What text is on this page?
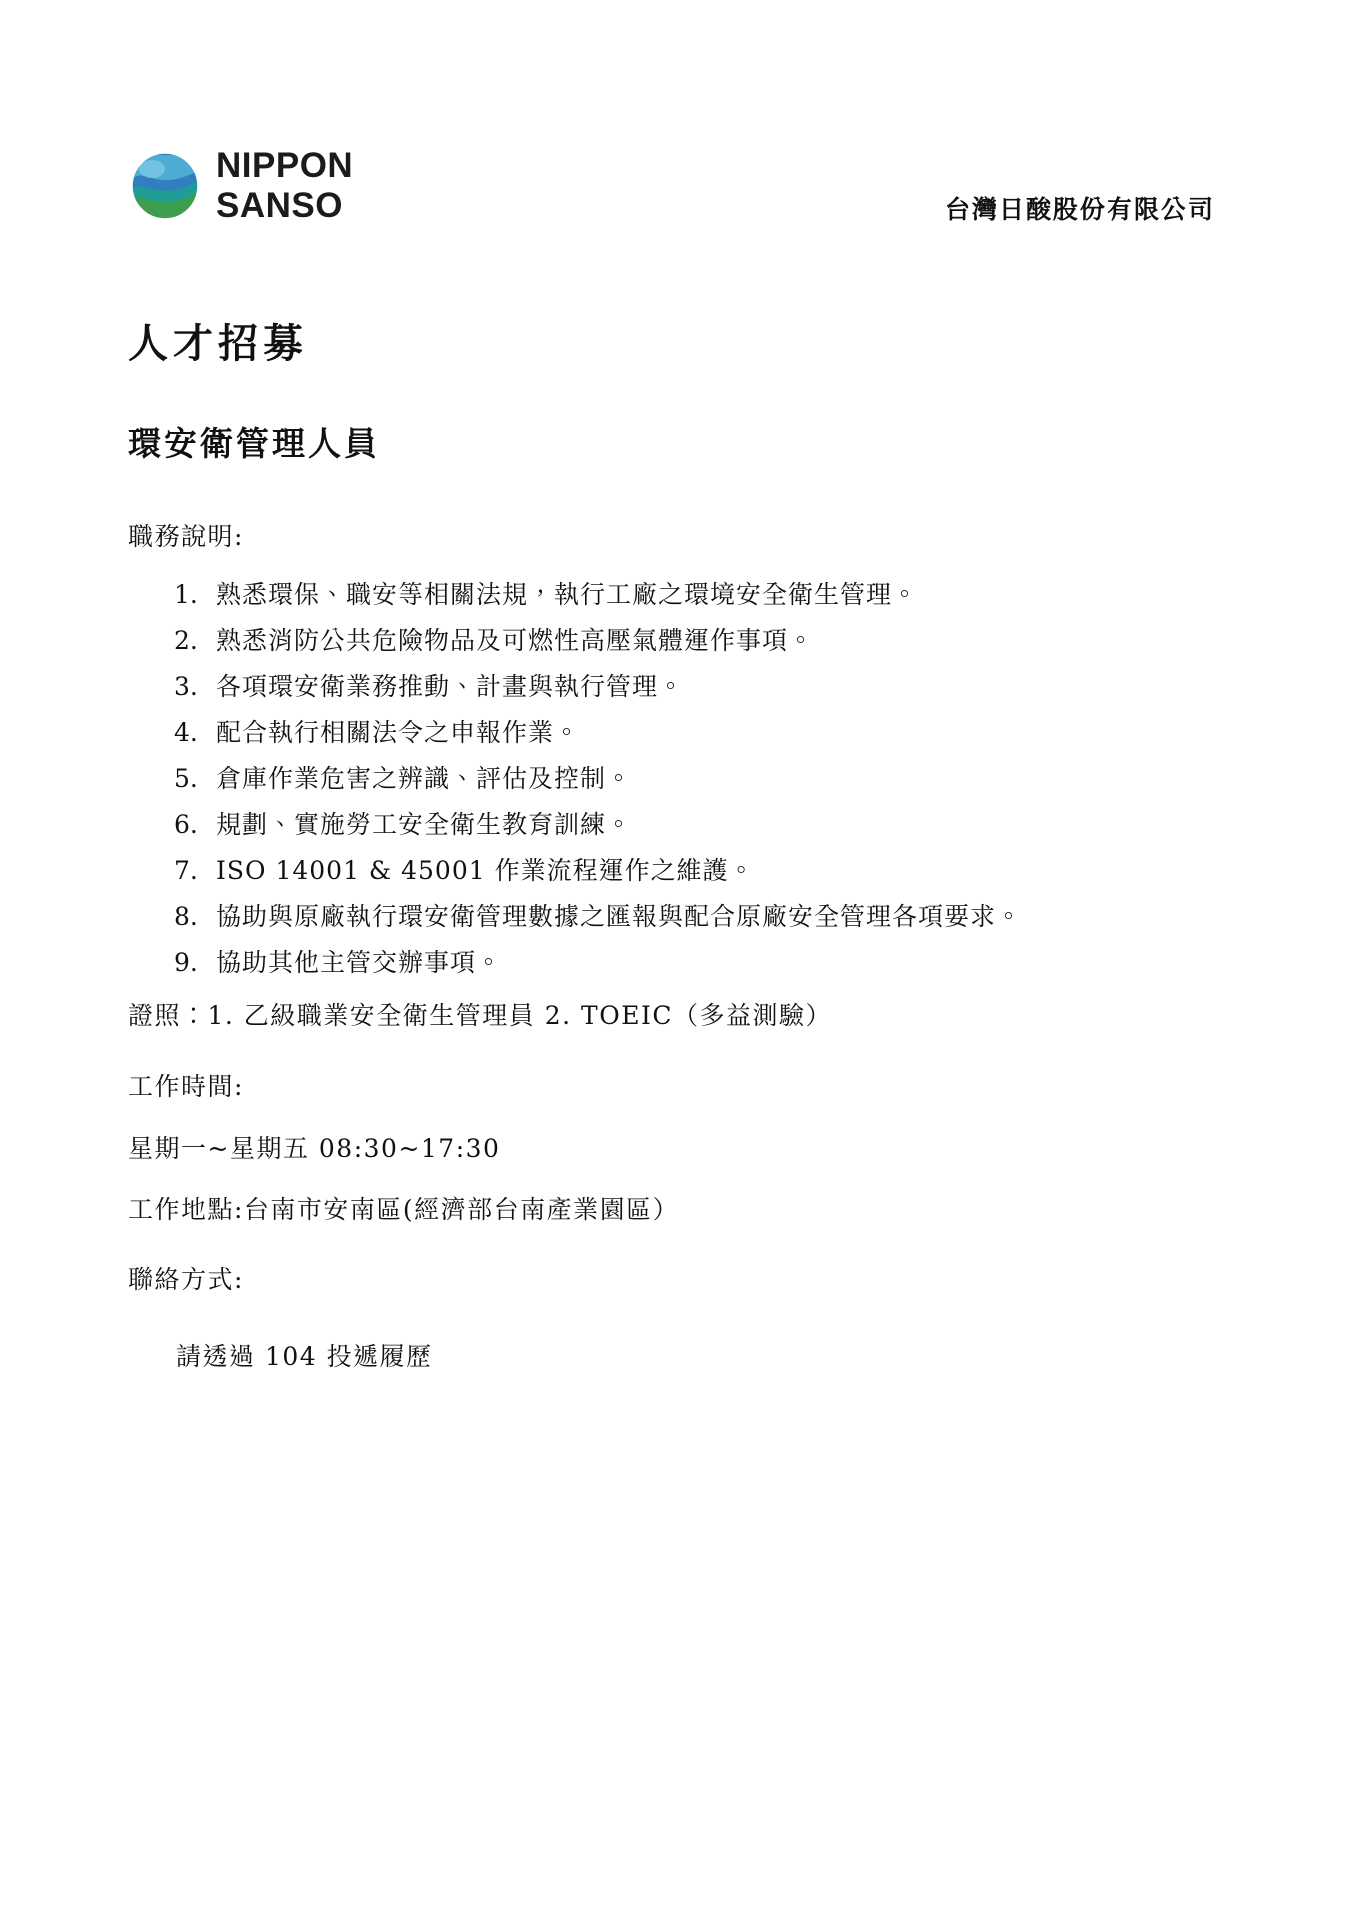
NIPPON
SANSO	台灣日酸股份有限公司
人才招募
環安衛管理人員
職務說明:
1. 熟悉環保、職安等相關法規，執行工廠之環境安全衛生管理。
2. 熟悉消防公共危險物品及可燃性高壓氣體運作事項。
3. 各項環安衛業務推動、計畫與執行管理。
4. 配合執行相關法令之申報作業。
5. 倉庫作業危害之辨識、評估及控制。
6. 規劃、實施勞工安全衛生教育訓練。
7. ISO 14001 & 45001 作業流程運作之維護。
8. 協助與原廠執行環安衛管理數據之匯報與配合原廠安全管理各項要求。
9. 協助其他主管交辦事項。
證照：1. 乙級職業安全衛生管理員 2. TOEIC（多益測驗）
工作時間:
星期一~星期五 08:30~17:30
工作地點:台南市安南區(經濟部台南產業園區）
聯絡方式:
請透過 104 投遞履歷
